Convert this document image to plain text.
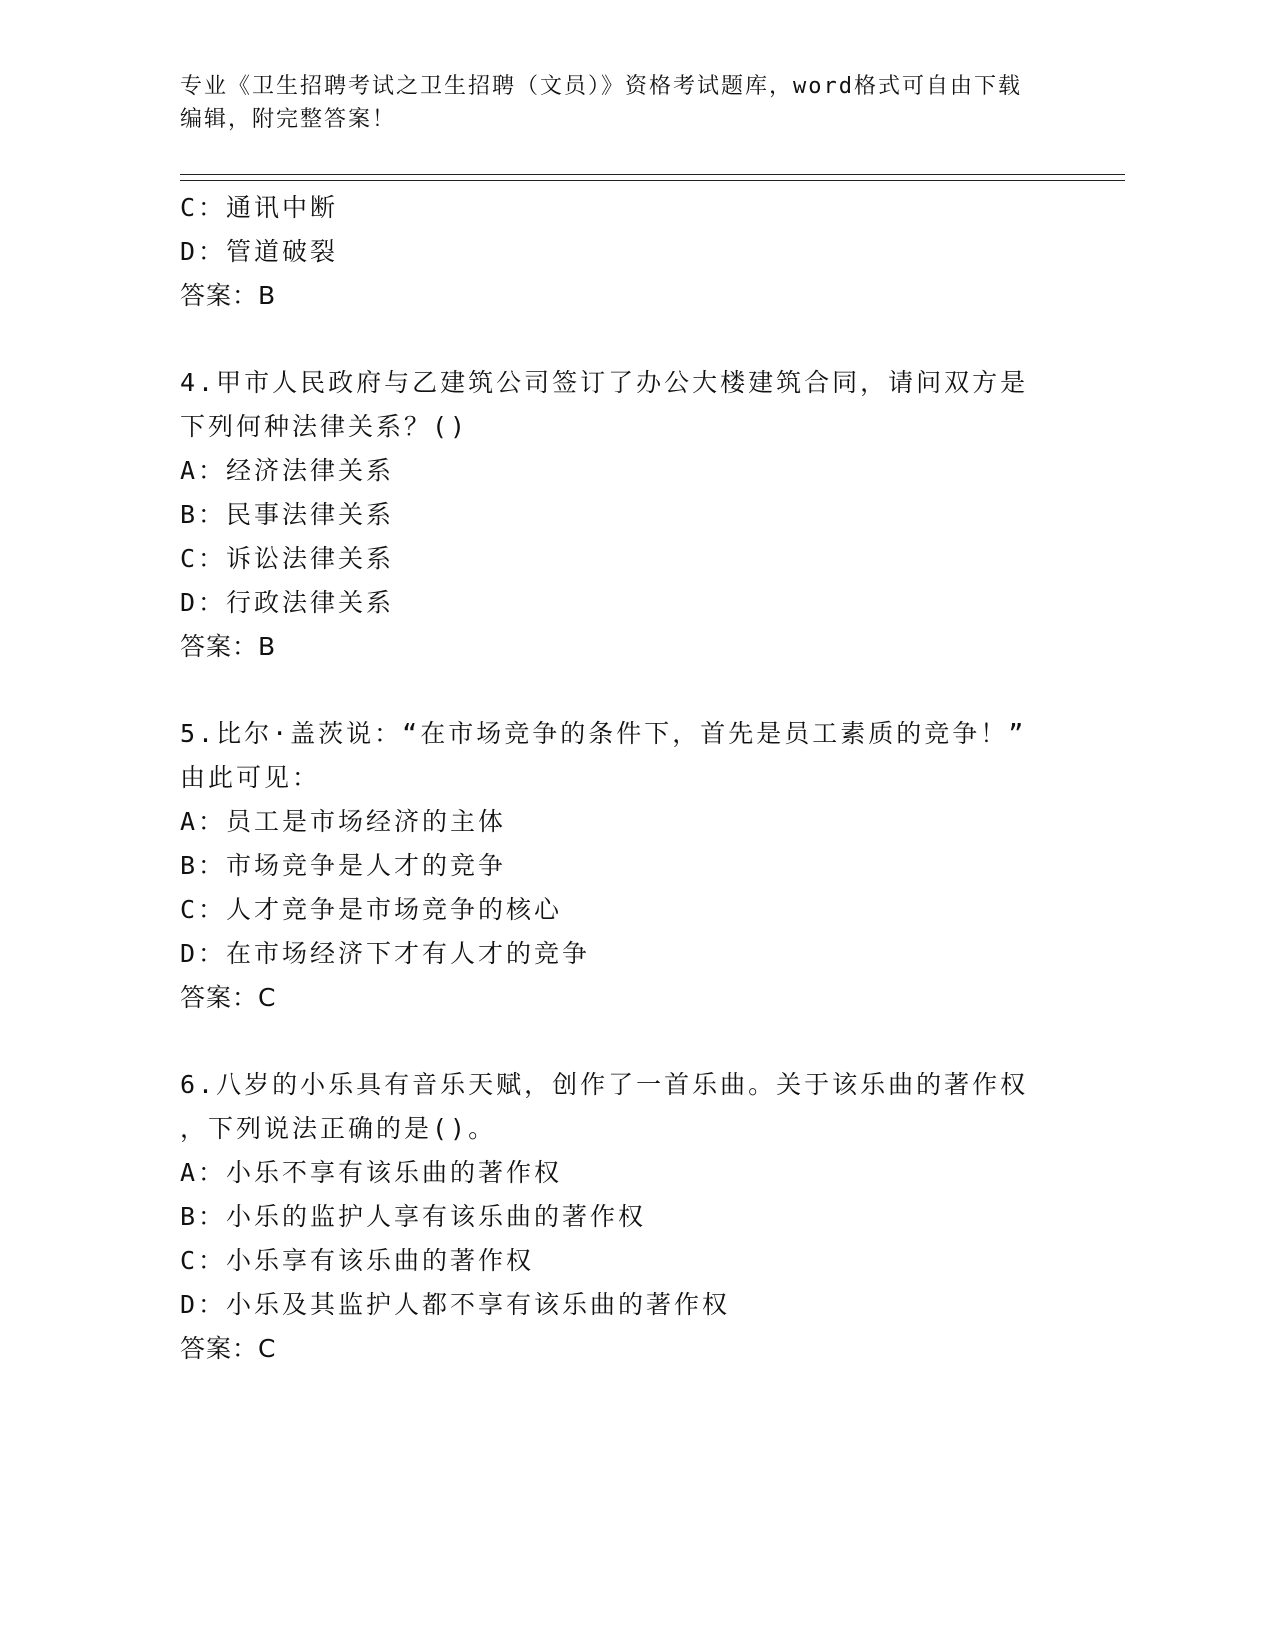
专业《卫生招聘考试之卫生招聘（文员）》资格考试题库，word格式可自由下载

编辑，附完整答案！

C：通讯中断
D：管道破裂
答案：B
4.甲市人民政府与乙建筑公司签订了办公大楼建筑合同，请问双方是
下列何种法律关系？()
A：经济法律关系
B：民事法律关系
C：诉讼法律关系
D：行政法律关系
答案：B
5.比尔·盖茨说：“在市场竞争的条件下，首先是员工素质的竞争！”
由此可见：
A：员工是市场经济的主体
B：市场竞争是人才的竞争
C：人才竞争是市场竞争的核心
D：在市场经济下才有人才的竞争
答案：C
6.八岁的小乐具有音乐天赋，创作了一首乐曲。关于该乐曲的著作权
，下列说法正确的是()。
A：小乐不享有该乐曲的著作权
B：小乐的监护人享有该乐曲的著作权
C：小乐享有该乐曲的著作权
D：小乐及其监护人都不享有该乐曲的著作权
答案：C
